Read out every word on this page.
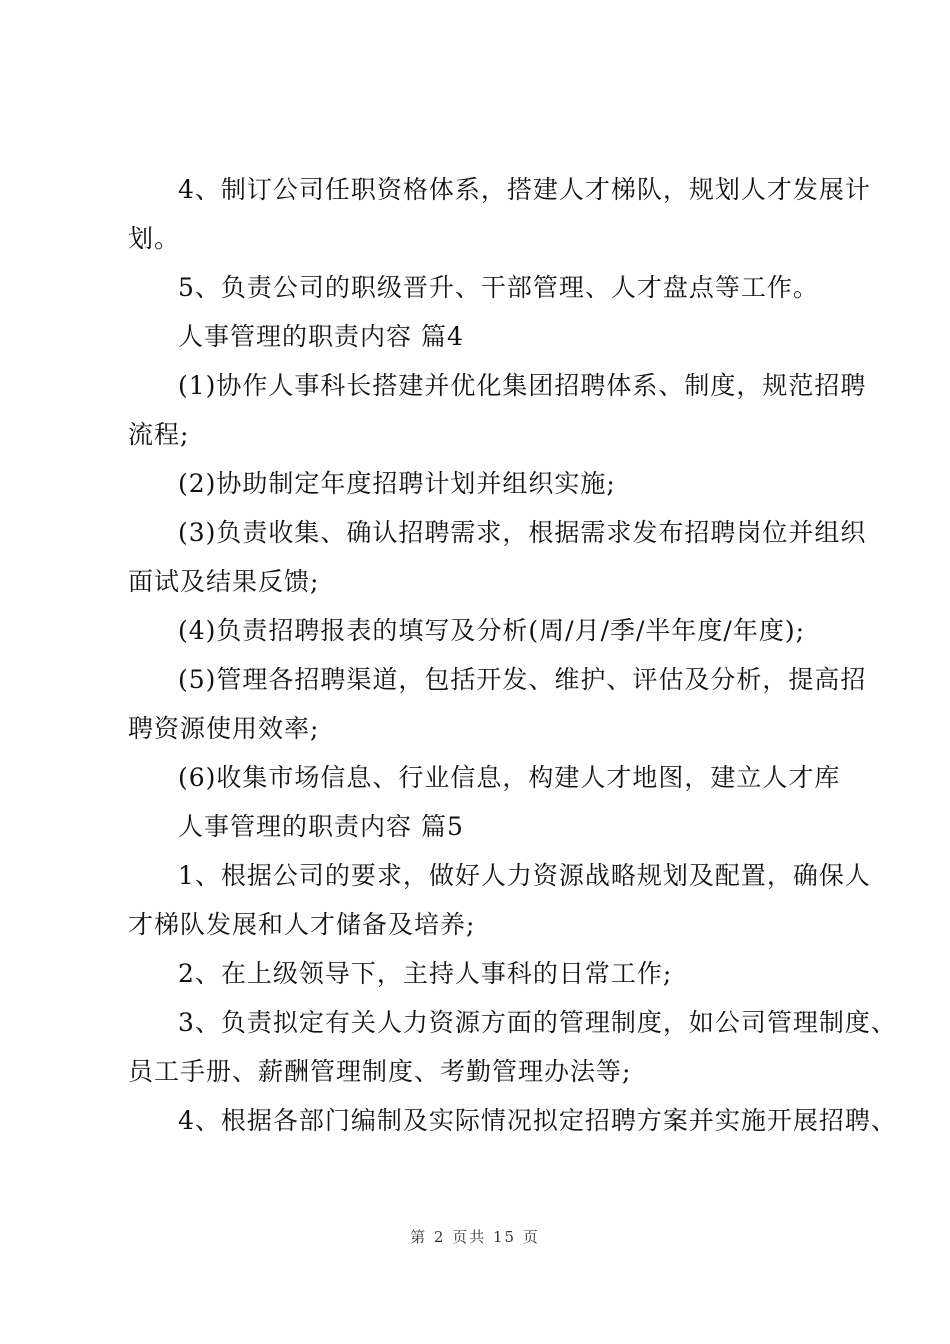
4、制订公司任职资格体系，搭建人才梯队，规划人才发展计
划。
5、负责公司的职级晋升、干部管理、人才盘点等工作。
人事管理的职责内容 篇4
(1)协作人事科长搭建并优化集团招聘体系、制度，规范招聘
流程;
(2)协助制定年度招聘计划并组织实施;
(3)负责收集、确认招聘需求，根据需求发布招聘岗位并组织
面试及结果反馈;
(4)负责招聘报表的填写及分析(周/月/季/半年度/年度);
(5)管理各招聘渠道，包括开发、维护、评估及分析，提高招
聘资源使用效率;
(6)收集市场信息、行业信息，构建人才地图，建立人才库
人事管理的职责内容 篇5
1、根据公司的要求，做好人力资源战略规划及配置，确保人
才梯队发展和人才储备及培养;
2、在上级领导下，主持人事科的日常工作;
3、负责拟定有关人力资源方面的管理制度，如公司管理制度、
员工手册、薪酬管理制度、考勤管理办法等;
4、根据各部门编制及实际情况拟定招聘方案并实施开展招聘、
第 2 页共 15 页
